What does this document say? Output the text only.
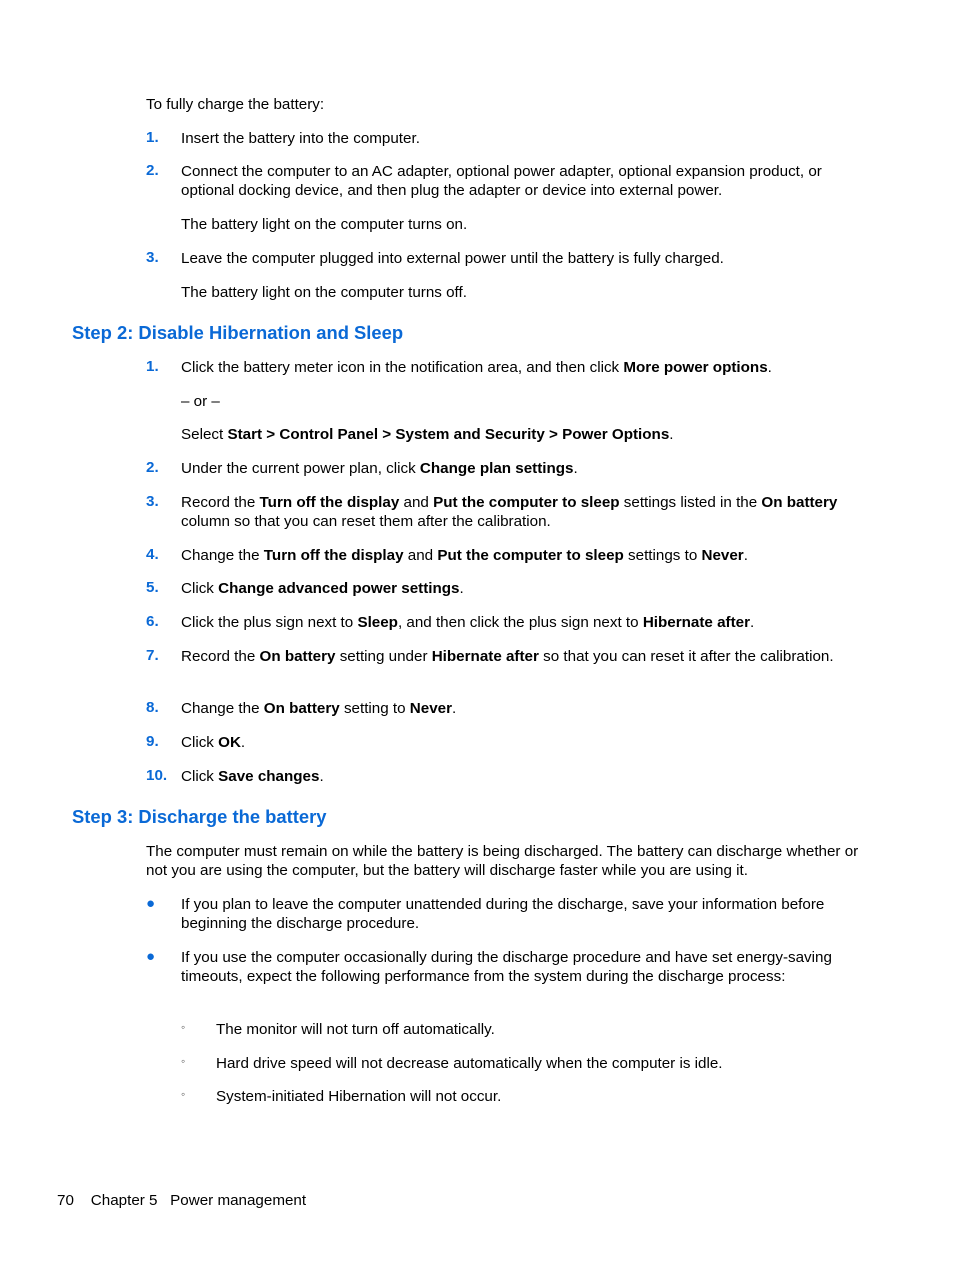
To fully charge the battery:

1. Insert the battery into the computer.

2. Connect the computer to an AC adapter, optional power adapter, optional expansion product, or optional docking device, and then plug the adapter or device into external power.

The battery light on the computer turns on.

3. Leave the computer plugged into external power until the battery is fully charged.

The battery light on the computer turns off.

Step 2: Disable Hibernation and Sleep
1. Click the battery meter icon in the notification area, and then click More power options.

– or –

Select Start > Control Panel > System and Security > Power Options.

2. Under the current power plan, click Change plan settings.

3. Record the Turn off the display and Put the computer to sleep settings listed in the On battery column so that you can reset them after the calibration.

4. Change the Turn off the display and Put the computer to sleep settings to Never.

5. Click Change advanced power settings.

6. Click the plus sign next to Sleep, and then click the plus sign next to Hibernate after.

7. Record the On battery setting under Hibernate after so that you can reset it after the calibration.

8. Change the On battery setting to Never.

9. Click OK.

10. Click Save changes.

Step 3: Discharge the battery

The computer must remain on while the battery is being discharged. The battery can discharge whether or not you are using the computer, but the battery will discharge faster while you are using it.

● If you plan to leave the computer unattended during the discharge, save your information before beginning the discharge procedure.

● If you use the computer occasionally during the discharge procedure and have set energy-saving timeouts, expect the following performance from the system during the discharge process:

◦ The monitor will not turn off automatically.

◦ Hard drive speed will not decrease automatically when the computer is idle.

◦ System-initiated Hibernation will not occur.

70 Chapter 5 Power management
